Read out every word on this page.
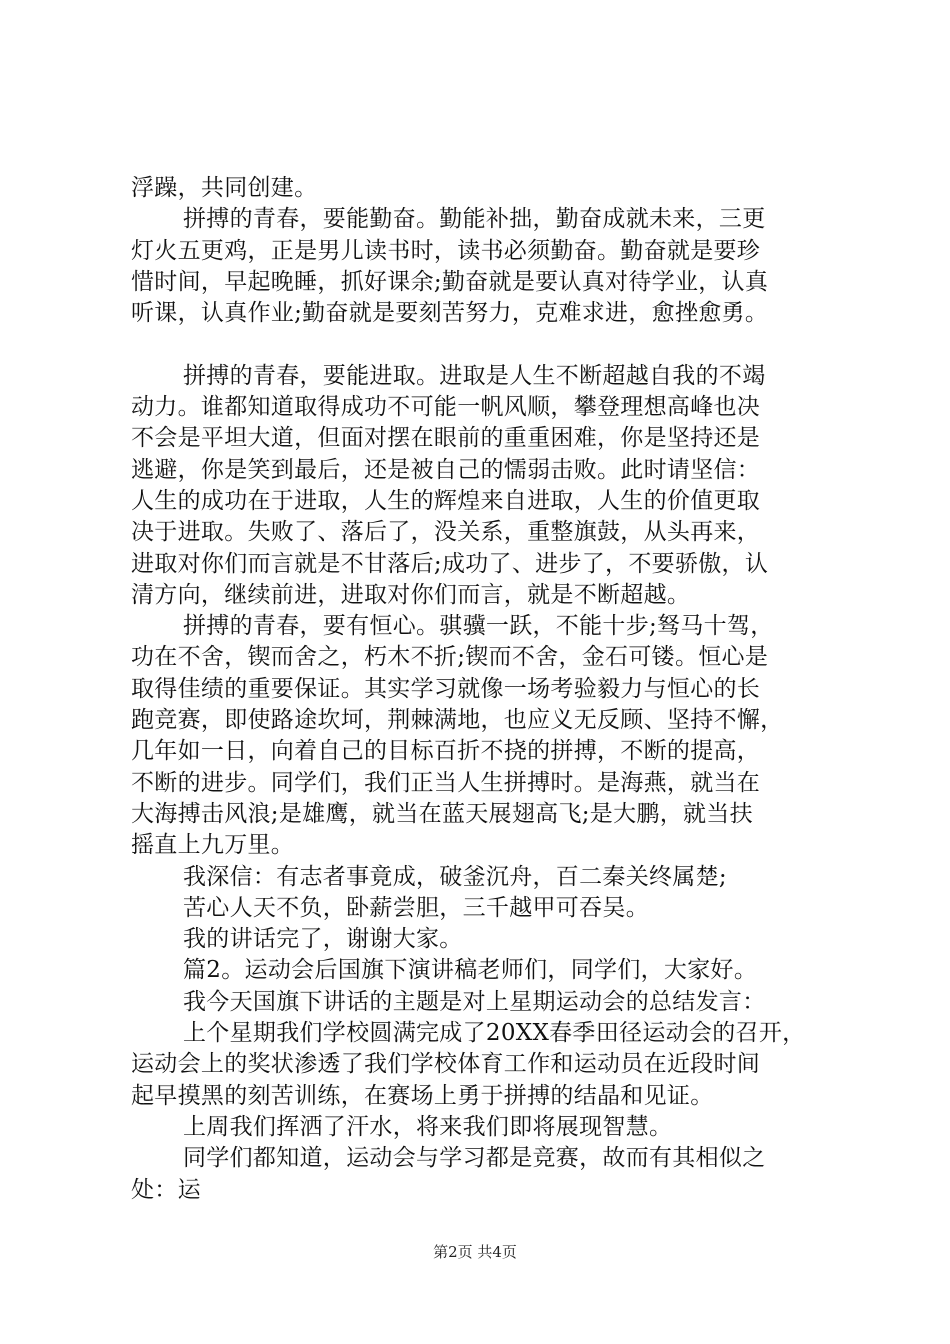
浮躁，共同创建。
拼搏的青春，要能勤奋。勤能补拙，勤奋成就未来，三更
灯火五更鸡，正是男儿读书时，读书必须勤奋。勤奋就是要珍
惜时间，早起晚睡，抓好课余;勤奋就是要认真对待学业，认真
听课，认真作业;勤奋就是要刻苦努力，克难求进，愈挫愈勇。
拼搏的青春，要能进取。进取是人生不断超越自我的不竭
动力。谁都知道取得成功不可能一帆风顺，攀登理想高峰也决
不会是平坦大道，但面对摆在眼前的重重困难，你是坚持还是
逃避，你是笑到最后，还是被自己的懦弱击败。此时请坚信：
人生的成功在于进取，人生的辉煌来自进取，人生的价值更取
决于进取。失败了、落后了，没关系，重整旗鼓，从头再来，
进取对你们而言就是不甘落后;成功了、进步了，不要骄傲，认
清方向，继续前进，进取对你们而言，就是不断超越。
拼搏的青春，要有恒心。骐骥一跃，不能十步;驽马十驾，
功在不舍，锲而舍之，朽木不折;锲而不舍，金石可镂。恒心是
取得佳绩的重要保证。其实学习就像一场考验毅力与恒心的长
跑竞赛，即使路途坎坷，荆棘满地，也应义无反顾、坚持不懈，
几年如一日，向着自己的目标百折不挠的拼搏，不断的提高，
不断的进步。同学们，我们正当人生拼搏时。是海燕，就当在
大海搏击风浪;是雄鹰，就当在蓝天展翅高飞;是大鹏，就当扶
摇直上九万里。
我深信：有志者事竟成，破釜沉舟，百二秦关终属楚;
苦心人天不负，卧薪尝胆，三千越甲可吞吴。
我的讲话完了，谢谢大家。
篇2。运动会后国旗下演讲稿老师们，同学们，大家好。
我今天国旗下讲话的主题是对上星期运动会的总结发言：
上个星期我们学校圆满完成了20XX春季田径运动会的召开，
运动会上的奖状渗透了我们学校体育工作和运动员在近段时间
起早摸黑的刻苦训练，在赛场上勇于拼搏的结晶和见证。
上周我们挥洒了汗水，将来我们即将展现智慧。
同学们都知道，运动会与学习都是竞赛，故而有其相似之
处：运
第2页 共4页
